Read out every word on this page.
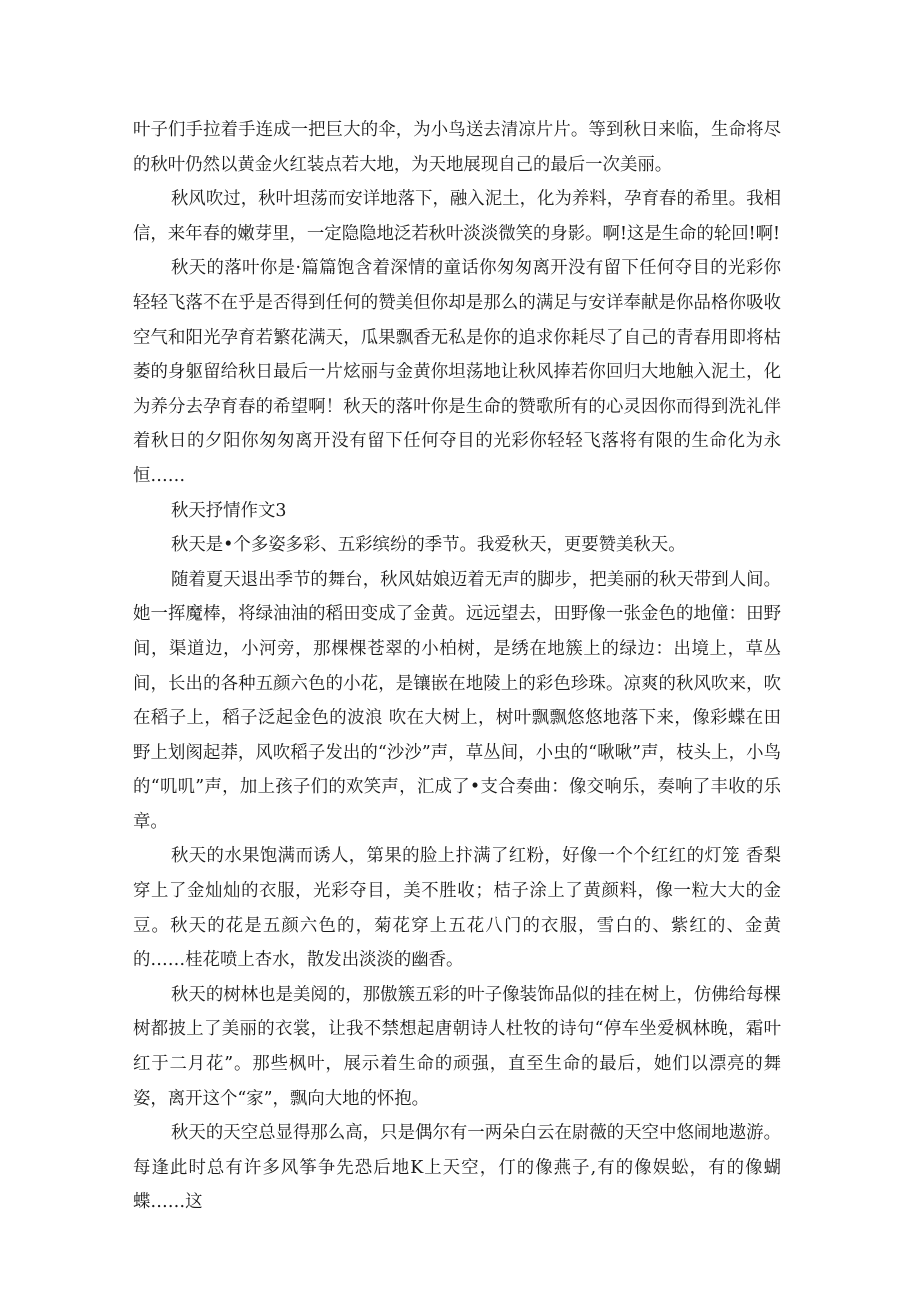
叶子们手拉着手连成一把巨大的伞，为小鸟送去清凉片片。等到秋日来临，生命将尽的秋叶仍然以黄金火红装点若大地，为天地展现自己的最后一次美丽。

秋风吹过，秋叶坦荡而安详地落下，融入泥土，化为养料，孕育春的希里。我相信，来年春的嫩芽里，一定隐隐地泛若秋叶淡淡微笑的身影。啊!这是生命的轮回!啊!

秋天的落叶你是·篇篇饱含着深情的童话你匆匆离开没有留下任何夺目的光彩你轻轻飞落不在乎是否得到任何的赞美但你却是那么的满足与安详奉献是你品格你吸收空气和阳光孕育若繁花满天，瓜果飘香无私是你的追求你耗尽了自己的青春用即将枯萎的身躯留给秋日最后一片炫丽与金黄你坦荡地让秋风捧若你回归大地触入泥土，化为养分去孕育春的希望啊！秋天的落叶你是生命的赞歌所有的心灵因你而得到洗礼伴着秋日的夕阳你匆匆离开没有留下任何夺目的光彩你轻轻飞落将有限的生命化为永恒……

秋天抒情作文3

秋天是•个多姿多彩、五彩缤纷的季节。我爱秋天，更要赞美秋天。

随着夏天退出季节的舞台，秋风姑娘迈着无声的脚步，把美丽的秋天带到人间。她一挥魔棒，将绿油油的稻田变成了金黄。远远望去，田野像一张金色的地僮：田野间，渠道边，小河旁，那棵棵苍翠的小柏树，是绣在地簇上的绿边：出境上，草丛间，长出的各种五颜六色的小花，是镶嵌在地陵上的彩色珍珠。凉爽的秋风吹来，吹在稻子上，稻子泛起金色的波浪 吹在大树上，树叶飘飘悠悠地落下来，像彩蝶在田野上划阂起莽，风吹稻子发出的“沙沙”声，草丛间，小虫的“啾啾”声，枝头上，小鸟的“叽叽”声，加上孩子们的欢笑声，汇成了•支合奏曲：像交响乐，奏响了丰收的乐章。

秋天的水果饱满而诱人，第果的脸上抃满了红粉，好像一个个红红的灯笼 香梨穿上了金灿灿的衣服，光彩夺目，美不胜收；桔子涂上了黄颜料，像一粒大大的金豆。秋天的花是五颜六色的，菊花穿上五花八门的衣服，雪白的、紫红的、金黄的……桂花喷上杏水，散发出淡淡的幽香。

秋天的树林也是美阅的，那傲簇五彩的叶子像装饰品似的挂在树上，仿佛给每棵树都披上了美丽的衣裳，让我不禁想起唐朝诗人杜牧的诗句“停车坐爱枫林晚，霜叶红于二月花”。那些枫叶，展示着生命的顽强，直至生命的最后，她们以漂亮的舞姿，离开这个“家”，飘向大地的怀抱。

秋天的天空总显得那么高，只是偶尔有一两朵白云在尉薇的天空中悠闹地遨游。每逢此时总有许多风筝争先恐后地K上天空，仃的像燕子,有的像娱蚣，有的像蝴蝶……这
